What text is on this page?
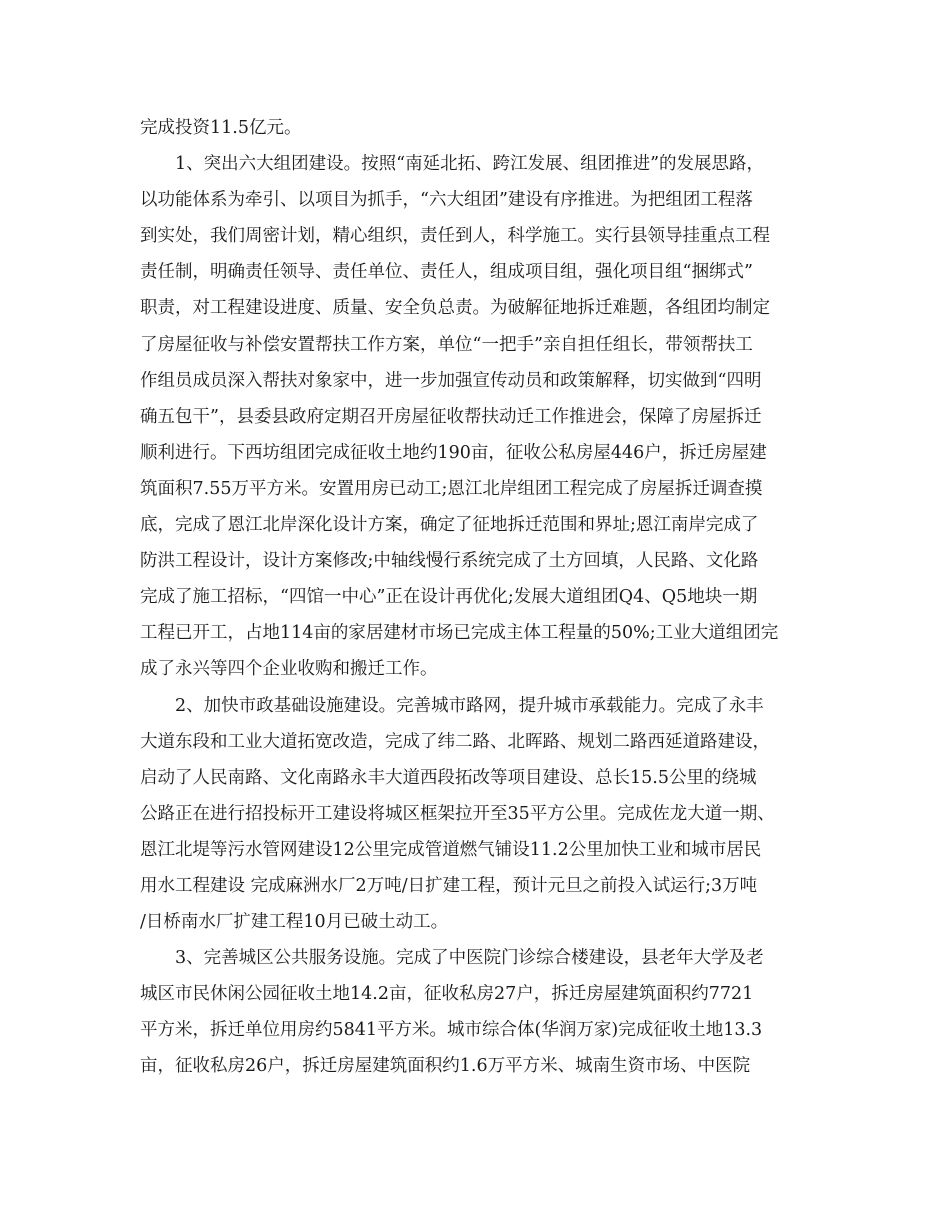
完成投资11.5亿元。
　　1、突出六大组团建设。按照“南延北拓、跨江发展、组团推进”的发展思路，
以功能体系为牵引、以项目为抓手，“六大组团”建设有序推进。为把组团工程落
到实处，我们周密计划，精心组织，责任到人，科学施工。实行县领导挂重点工程
责任制，明确责任领导、责任单位、责任人，组成项目组，强化项目组“捆绑式”
职责，对工程建设进度、质量、安全负总责。为破解征地拆迁难题，各组团均制定
了房屋征收与补偿安置帮扶工作方案，单位“一把手”亲自担任组长，带领帮扶工
作组员成员深入帮扶对象家中，进一步加强宣传动员和政策解释，切实做到“四明
确五包干”，县委县政府定期召开房屋征收帮扶动迁工作推进会，保障了房屋拆迁
顺利进行。下西坊组团完成征收土地约190亩，征收公私房屋446户，拆迁房屋建
筑面积7.55万平方米。安置用房已动工;恩江北岸组团工程完成了房屋拆迁调查摸
底，完成了恩江北岸深化设计方案，确定了征地拆迁范围和界址;恩江南岸完成了
防洪工程设计，设计方案修改;中轴线慢行系统完成了土方回填，人民路、文化路
完成了施工招标，“四馆一中心”正在设计再优化;发展大道组团Q4、Q5地块一期
工程已开工，占地114亩的家居建材市场已完成主体工程量的50%;工业大道组团完
成了永兴等四个企业收购和搬迁工作。
　　2、加快市政基础设施建设。完善城市路网，提升城市承载能力。完成了永丰
大道东段和工业大道拓宽改造，完成了纬二路、北晖路、规划二路西延道路建设，
启动了人民南路、文化南路永丰大道西段拓改等项目建设、总长15.5公里的绕城
公路正在进行招投标开工建设将城区框架拉开至35平方公里。完成佐龙大道一期、
恩江北堤等污水管网建设12公里完成管道燃气铺设11.2公里加快工业和城市居民
用水工程建设 完成麻洲水厂2万吨/日扩建工程，预计元旦之前投入试运行;3万吨
/日桥南水厂扩建工程10月已破土动工。
　　3、完善城区公共服务设施。完成了中医院门诊综合楼建设，县老年大学及老
城区市民休闲公园征收土地14.2亩，征收私房27户，拆迁房屋建筑面积约7721
平方米，拆迁单位用房约5841平方米。城市综合体(华润万家)完成征收土地13.3
亩，征收私房26户，拆迁房屋建筑面积约1.6万平方米、城南生资市场、中医院
